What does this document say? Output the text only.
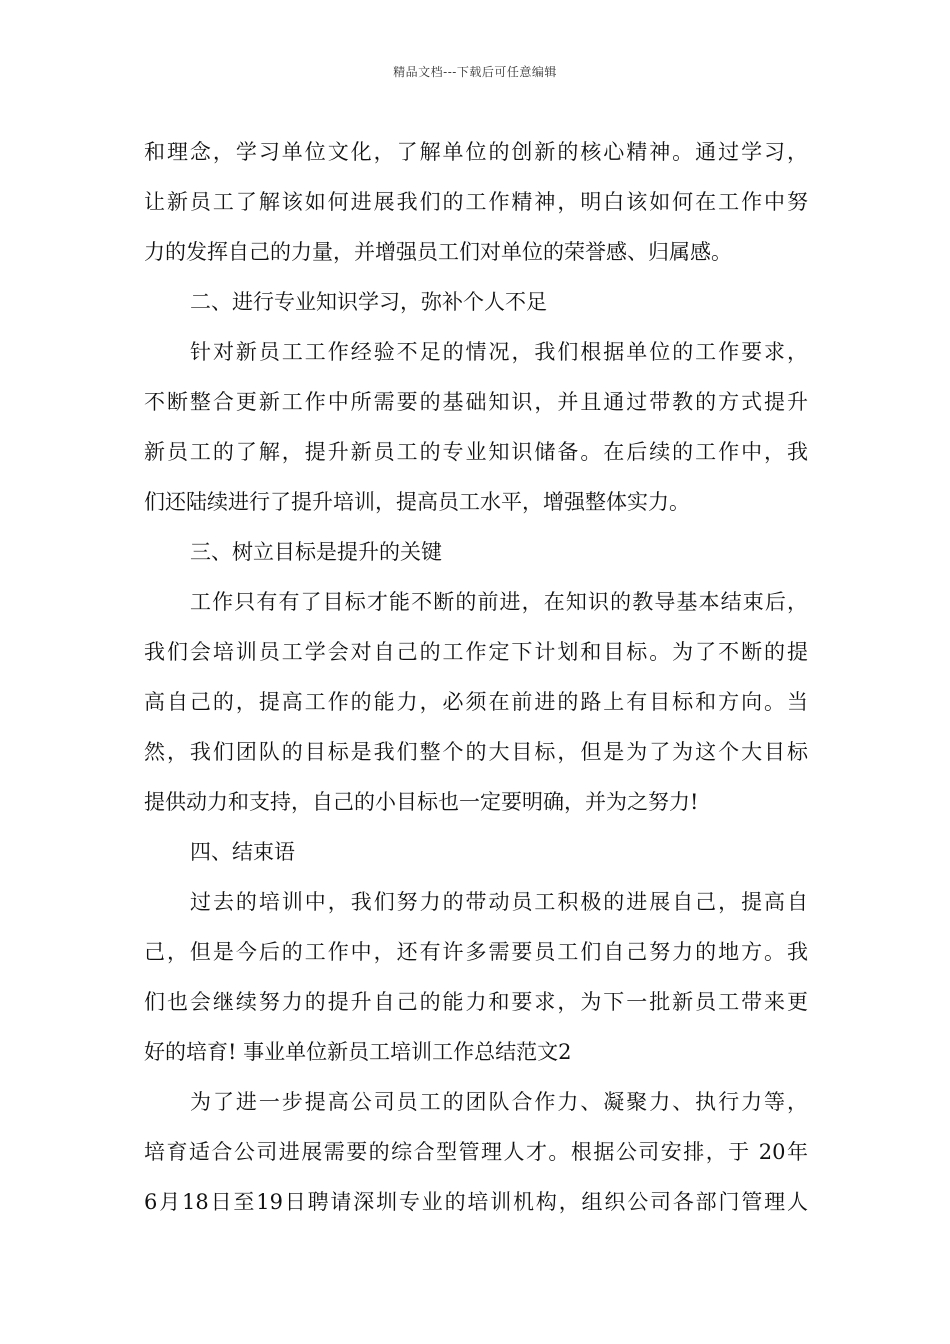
精品文档---下载后可任意编辑
和理念，学习单位文化，了解单位的创新的核心精神。通过学习，
让新员工了解该如何进展我们的工作精神，明白该如何在工作中努
力的发挥自己的力量，并增强员工们对单位的荣誉感、归属感。
二、进行专业知识学习，弥补个人不足
针对新员工工作经验不足的情况，我们根据单位的工作要求，
不断整合更新工作中所需要的基础知识，并且通过带教的方式提升
新员工的了解，提升新员工的专业知识储备。在后续的工作中，我
们还陆续进行了提升培训，提高员工水平，增强整体实力。
三、树立目标是提升的关键
工作只有有了目标才能不断的前进，在知识的教导基本结束后，
我们会培训员工学会对自己的工作定下计划和目标。为了不断的提
高自己的，提高工作的能力，必须在前进的路上有目标和方向。当
然，我们团队的目标是我们整个的大目标，但是为了为这个大目标
提供动力和支持，自己的小目标也一定要明确，并为之努力!
四、结束语
过去的培训中，我们努力的带动员工积极的进展自己，提高自
己，但是今后的工作中，还有许多需要员工们自己努力的地方。我
们也会继续努力的提升自己的能力和要求，为下一批新员工带来更
好的培育! 事业单位新员工培训工作总结范文2
为了进一步提高公司员工的团队合作力、凝聚力、执行力等，
培育适合公司进展需要的综合型管理人才。根据公司安排，于 20年
6月18日至19日聘请深圳专业的培训机构，组织公司各部门管理人
